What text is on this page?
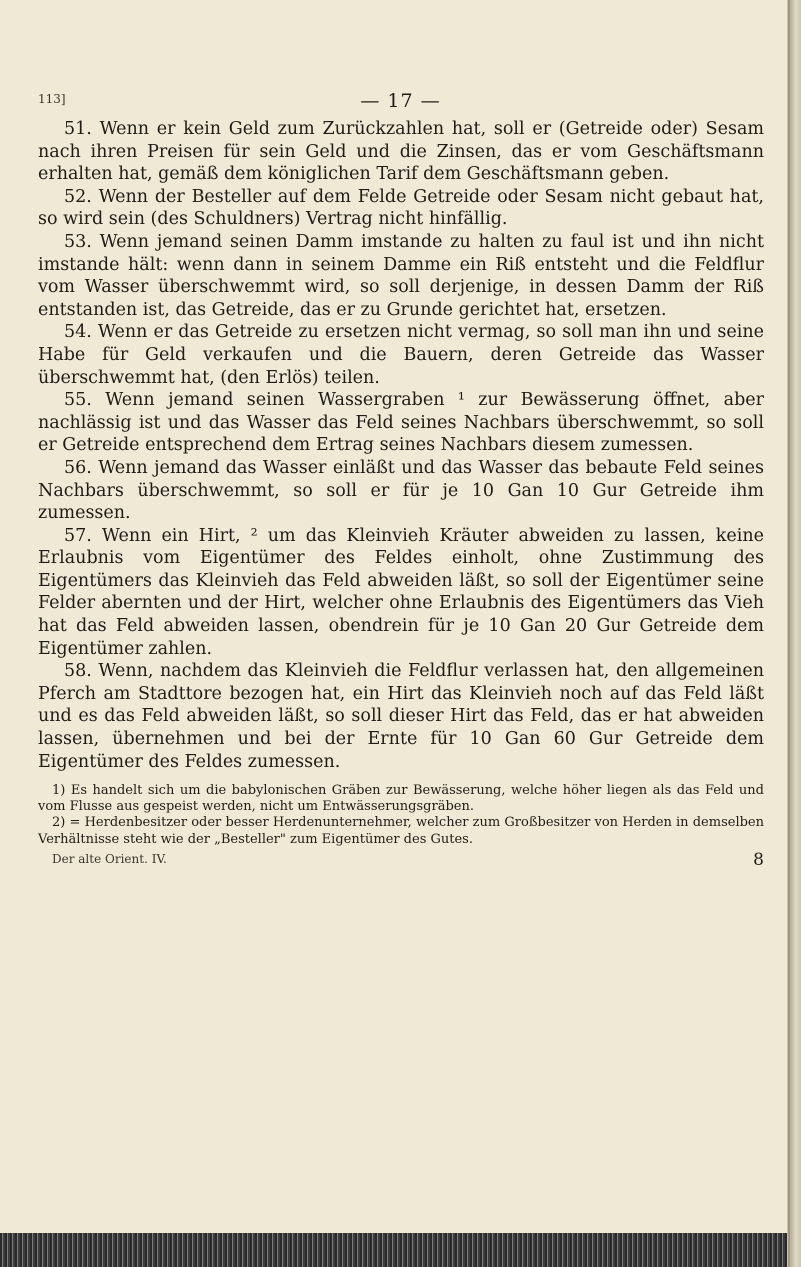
113]	— 17 —

51. Wenn er kein Geld zum Zurückzahlen hat, soll er (Getreide oder) Sesam nach ihren Preisen für sein Geld und die Zinsen, das er vom Geschäftsmann erhalten hat, gemäß dem königlichen Tarif dem Geschäftsmann geben.

52. Wenn der Besteller auf dem Felde Getreide oder Sesam nicht gebaut hat, so wird sein (des Schuldners) Vertrag nicht hinfällig.

53. Wenn jemand seinen Damm imstande zu halten zu faul ist und ihn nicht imstande hält: wenn dann in seinem Damme ein Riß entsteht und die Feldflur vom Wasser überschwemmt wird, so soll derjenige, in dessen Damm der Riß entstanden ist, das Getreide, das er zu Grunde gerichtet hat, ersetzen.

54. Wenn er das Getreide zu ersetzen nicht vermag, so soll man ihn und seine Habe für Geld verkaufen und die Bauern, deren Getreide das Wasser überschwemmt hat, (den Erlös) teilen.

55. Wenn jemand seinen Wassergraben ¹ zur Bewässerung öffnet, aber nachlässig ist und das Wasser das Feld seines Nachbars überschwemmt, so soll er Getreide entsprechend dem Ertrag seines Nachbars diesem zumessen.

56. Wenn jemand das Wasser einläßt und das Wasser das bebaute Feld seines Nachbars überschwemmt, so soll er für je 10 Gan 10 Gur Getreide ihm zumessen.

57. Wenn ein Hirt, ² um das Kleinvieh Kräuter abweiden zu lassen, keine Erlaubnis vom Eigentümer des Feldes einholt, ohne Zustimmung des Eigentümers das Kleinvieh das Feld abweiden läßt, so soll der Eigentümer seine Felder abernten und der Hirt, welcher ohne Erlaubnis des Eigentümers das Vieh hat das Feld abweiden lassen, obendrein für je 10 Gan 20 Gur Getreide dem Eigentümer zahlen.

58. Wenn, nachdem das Kleinvieh die Feldflur verlassen hat, den allgemeinen Pferch am Stadttore bezogen hat, ein Hirt das Kleinvieh noch auf das Feld läßt und es das Feld abweiden läßt, so soll dieser Hirt das Feld, das er hat abweiden lassen, übernehmen und bei der Ernte für 10 Gan 60 Gur Getreide dem Eigentümer des Feldes zumessen.

1) Es handelt sich um die babylonischen Gräben zur Bewässerung, welche höher liegen als das Feld und vom Flusse aus gespeist werden, nicht um Entwässerungsgräben.

2) = Herdenbesitzer oder besser Herdenunternehmer, welcher zum Großbesitzer von Herden in demselben Verhältnisse steht wie der „Besteller" zum Eigentümer des Gutes.

Der alte Orient. IV.	8
